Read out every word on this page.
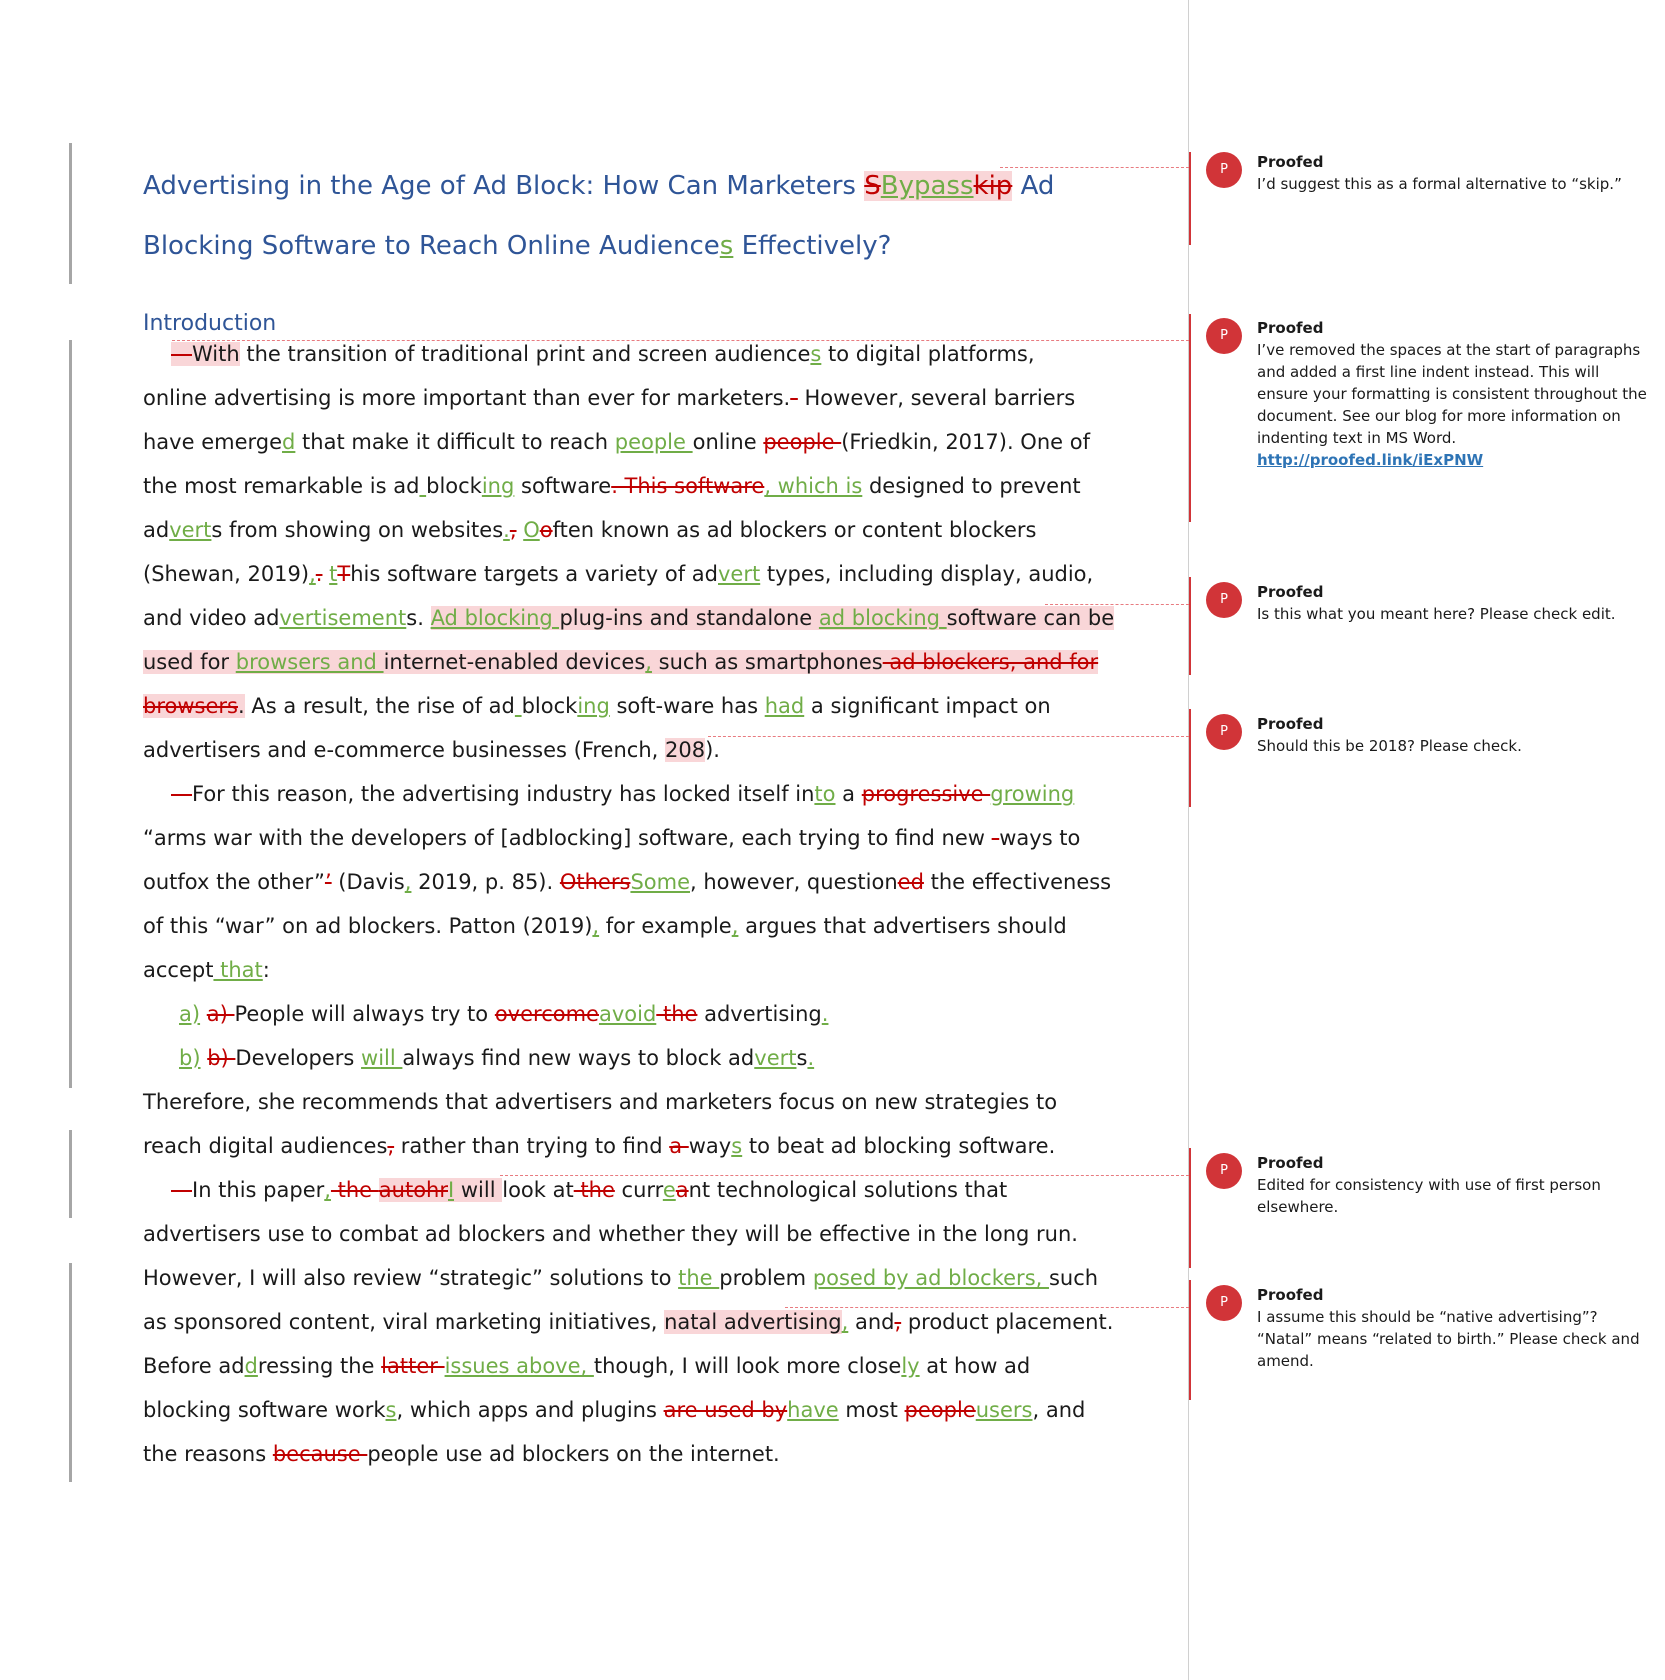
Advertising in the Age of Ad Block: How Can Marketers SBypasskip Ad
Blocking Software to Reach Online Audiences Effectively?
Introduction
—With the transition of traditional print and screen audiences to digital platforms,
online advertising is more important than ever for marketers.- However, several barriers
have emerged that make it difficult to reach people online people (Friedkin, 2017). One of
the most remarkable is ad blocking software. This software, which is designed to prevent
adverts from showing on websites., Ooften known as ad blockers or content blockers
(Shewan, 2019),. tThis software targets a variety of advert types, including display, audio,
and video advertisements. Ad blocking plug-ins and standalone ad blocking software can be
used for browsers and internet-enabled devices, such as smartphones ad blockers, and for
browsers. As a result, the rise of ad blocking soft-ware has had a significant impact on
advertisers and e-commerce businesses (French, 208).
—For this reason, the advertising industry has locked itself into a progressive growing
“arms war with the developers of [adblocking] software, each trying to find new -ways to
outfox the other”’ (Davis, 2019, p. 85). OthersSome, however, questioned the effectiveness
of this “war” on ad blockers. Patton (2019), for example, argues that advertisers should
accept that:
a) a) People will always try to overcomeavoid the advertising.
b) b) Developers will always find new ways to block adverts.
Therefore, she recommends that advertisers and marketers focus on new strategies to
reach digital audiences, rather than trying to find a ways to beat ad blocking software.
—In this paper, the autohrI will look at the curreant technological solutions that
advertisers use to combat ad blockers and whether they will be effective in the long run.
However, I will also review “strategic” solutions to the problem posed by ad blockers, such
as sponsored content, viral marketing initiatives, natal advertising, and, product placement.
Before addressing the latter issues above, though, I will look more closely at how ad
blocking software works, which apps and plugins are used byhave most peopleusers, and
the reasons because people use ad blockers on the internet.
P	Proofed
I’d suggest this as a formal alternative to “skip.”
P	Proofed
I’ve removed the spaces at the start of paragraphs and added a first line indent instead. This will ensure your formatting is consistent throughout the document. See our blog for more information on indenting text in MS Word.
http://proofed.link/iExPNW
P	Proofed
Is this what you meant here? Please check edit.
P	Proofed
Should this be 2018? Please check.
P	Proofed
Edited for consistency with use of first person elsewhere.
P	Proofed
I assume this should be “native advertising”? “Natal” means “related to birth.” Please check and amend.
